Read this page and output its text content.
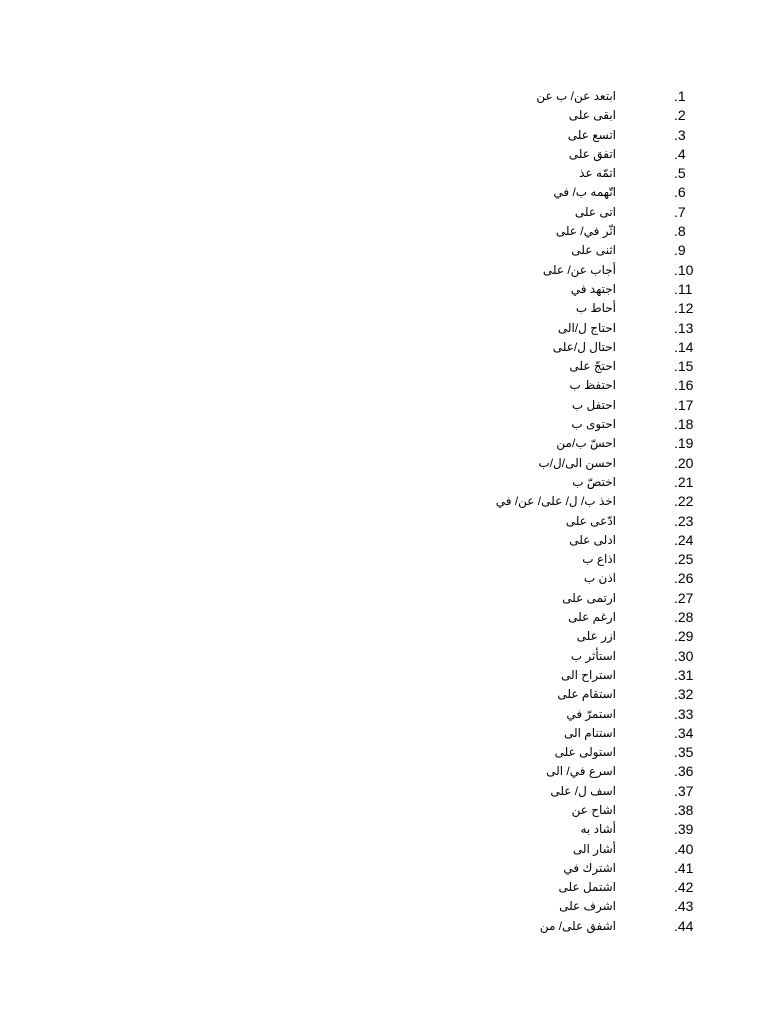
1.
ابتعد عن/ ب عن
2.
ابقى على
3.
اتسع على
4.
اتفق على
5.
اتمّه عذ
6.
اتّهمه ب/ في
7.
اتى على
8.
اثّر في/ على
9.
اثنى على
10.
أجاب عن/ على
11.
اجتهد في
12.
أحاط ب
13.
احتاج ل/الى
14.
احتال ل/على
15.
احتجّ على
16.
احتفظ ب
17.
احتفل ب
18.
احتوى ب
19.
احسّ ب/من
20.
احسن الى/ل/ب
21.
اختصّ ب
22.
اخذ ب/ ل/ على/ عن/ في
23.
ادّعى على
24.
ادلى على
25.
اذاع ب
26.
اذن ب
27.
ارتمى على
28.
ارغم على
29.
ازر على
30.
استأثر ب
31.
استراح الى
32.
استقام على
33.
استمرّ في
34.
استنام الى
35.
استولى على
36.
اسرع في/ الى
37.
اسف ل/ على
38.
اشاح عن
39.
أشاد به
40.
أشار الى
41.
اشترك في
42.
اشتمل على
43.
اشرف على
44.
اشفق على/ من
